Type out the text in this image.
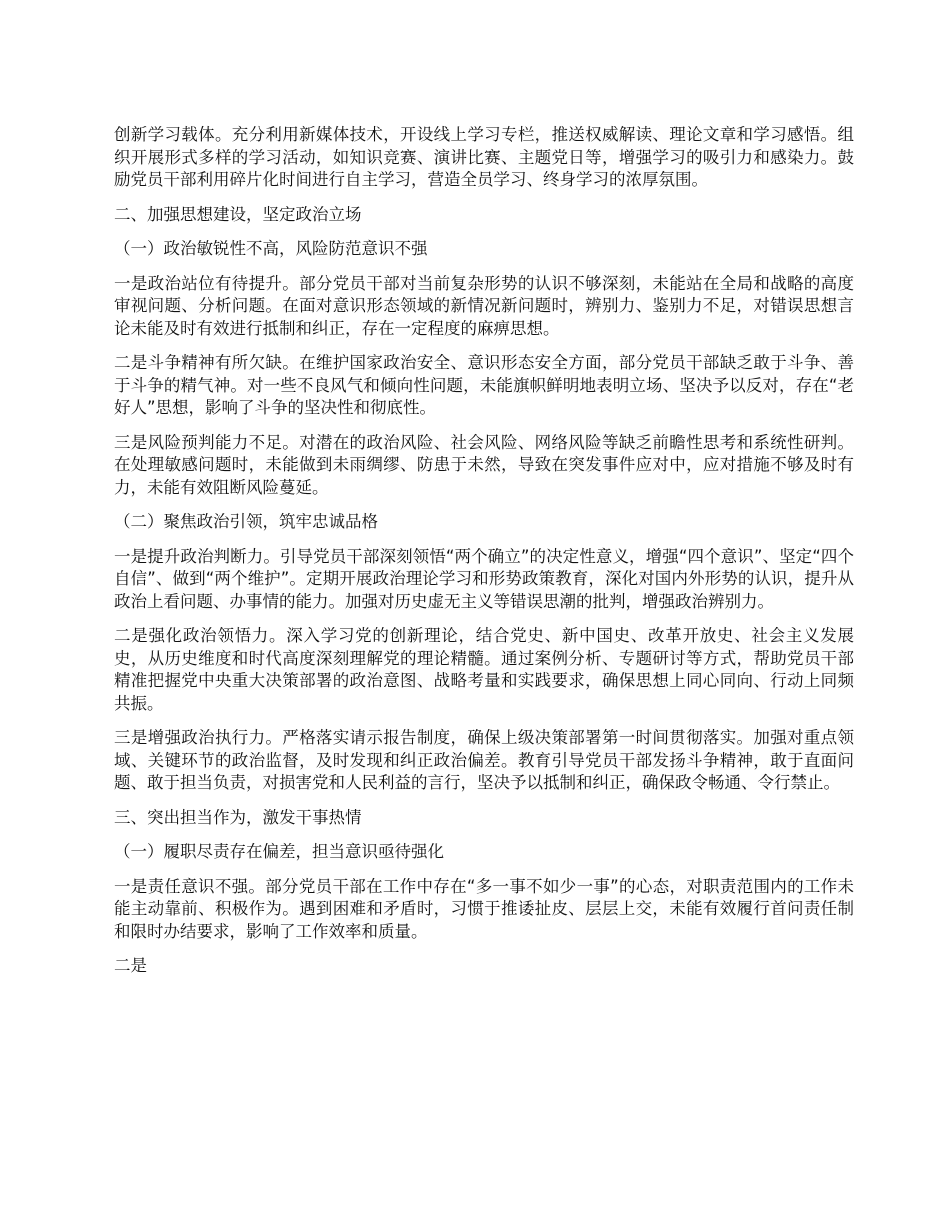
创新学习载体。充分利用新媒体技术，开设线上学习专栏，推送权威解读、理论文章和学习感悟。组织开展形式多样的学习活动，如知识竞赛、演讲比赛、主题党日等，增强学习的吸引力和感染力。鼓励党员干部利用碎片化时间进行自主学习，营造全员学习、终身学习的浓厚氛围。

二、加强思想建设，坚定政治立场

（一）政治敏锐性不高，风险防范意识不强

一是政治站位有待提升。部分党员干部对当前复杂形势的认识不够深刻，未能站在全局和战略的高度审视问题、分析问题。在面对意识形态领域的新情况新问题时，辨别力、鉴别力不足，对错误思想言论未能及时有效进行抵制和纠正，存在一定程度的麻痹思想。

二是斗争精神有所欠缺。在维护国家政治安全、意识形态安全方面，部分党员干部缺乏敢于斗争、善于斗争的精气神。对一些不良风气和倾向性问题，未能旗帜鲜明地表明立场、坚决予以反对，存在“老好人”思想，影响了斗争的坚决性和彻底性。

三是风险预判能力不足。对潜在的政治风险、社会风险、网络风险等缺乏前瞻性思考和系统性研判。在处理敏感问题时，未能做到未雨绸缪、防患于未然，导致在突发事件应对中，应对措施不够及时有力，未能有效阻断风险蔓延。

（二）聚焦政治引领，筑牢忠诚品格

一是提升政治判断力。引导党员干部深刻领悟“两个确立”的决定性意义，增强“四个意识”、坚定“四个自信”、做到“两个维护”。定期开展政治理论学习和形势政策教育，深化对国内外形势的认识，提升从政治上看问题、办事情的能力。加强对历史虚无主义等错误思潮的批判，增强政治辨别力。

二是强化政治领悟力。深入学习党的创新理论，结合党史、新中国史、改革开放史、社会主义发展史，从历史维度和时代高度深刻理解党的理论精髓。通过案例分析、专题研讨等方式，帮助党员干部精准把握党中央重大决策部署的政治意图、战略考量和实践要求，确保思想上同心同向、行动上同频共振。

三是增强政治执行力。严格落实请示报告制度，确保上级决策部署第一时间贯彻落实。加强对重点领域、关键环节的政治监督，及时发现和纠正政治偏差。教育引导党员干部发扬斗争精神，敢于直面问题、敢于担当负责，对损害党和人民利益的言行，坚决予以抵制和纠正，确保政令畅通、令行禁止。

三、突出担当作为，激发干事热情

（一）履职尽责存在偏差，担当意识亟待强化

一是责任意识不强。部分党员干部在工作中存在“多一事不如少一事”的心态，对职责范围内的工作未能主动靠前、积极作为。遇到困难和矛盾时，习惯于推诿扯皮、层层上交，未能有效履行首问责任制和限时办结要求，影响了工作效率和质量。

二是
